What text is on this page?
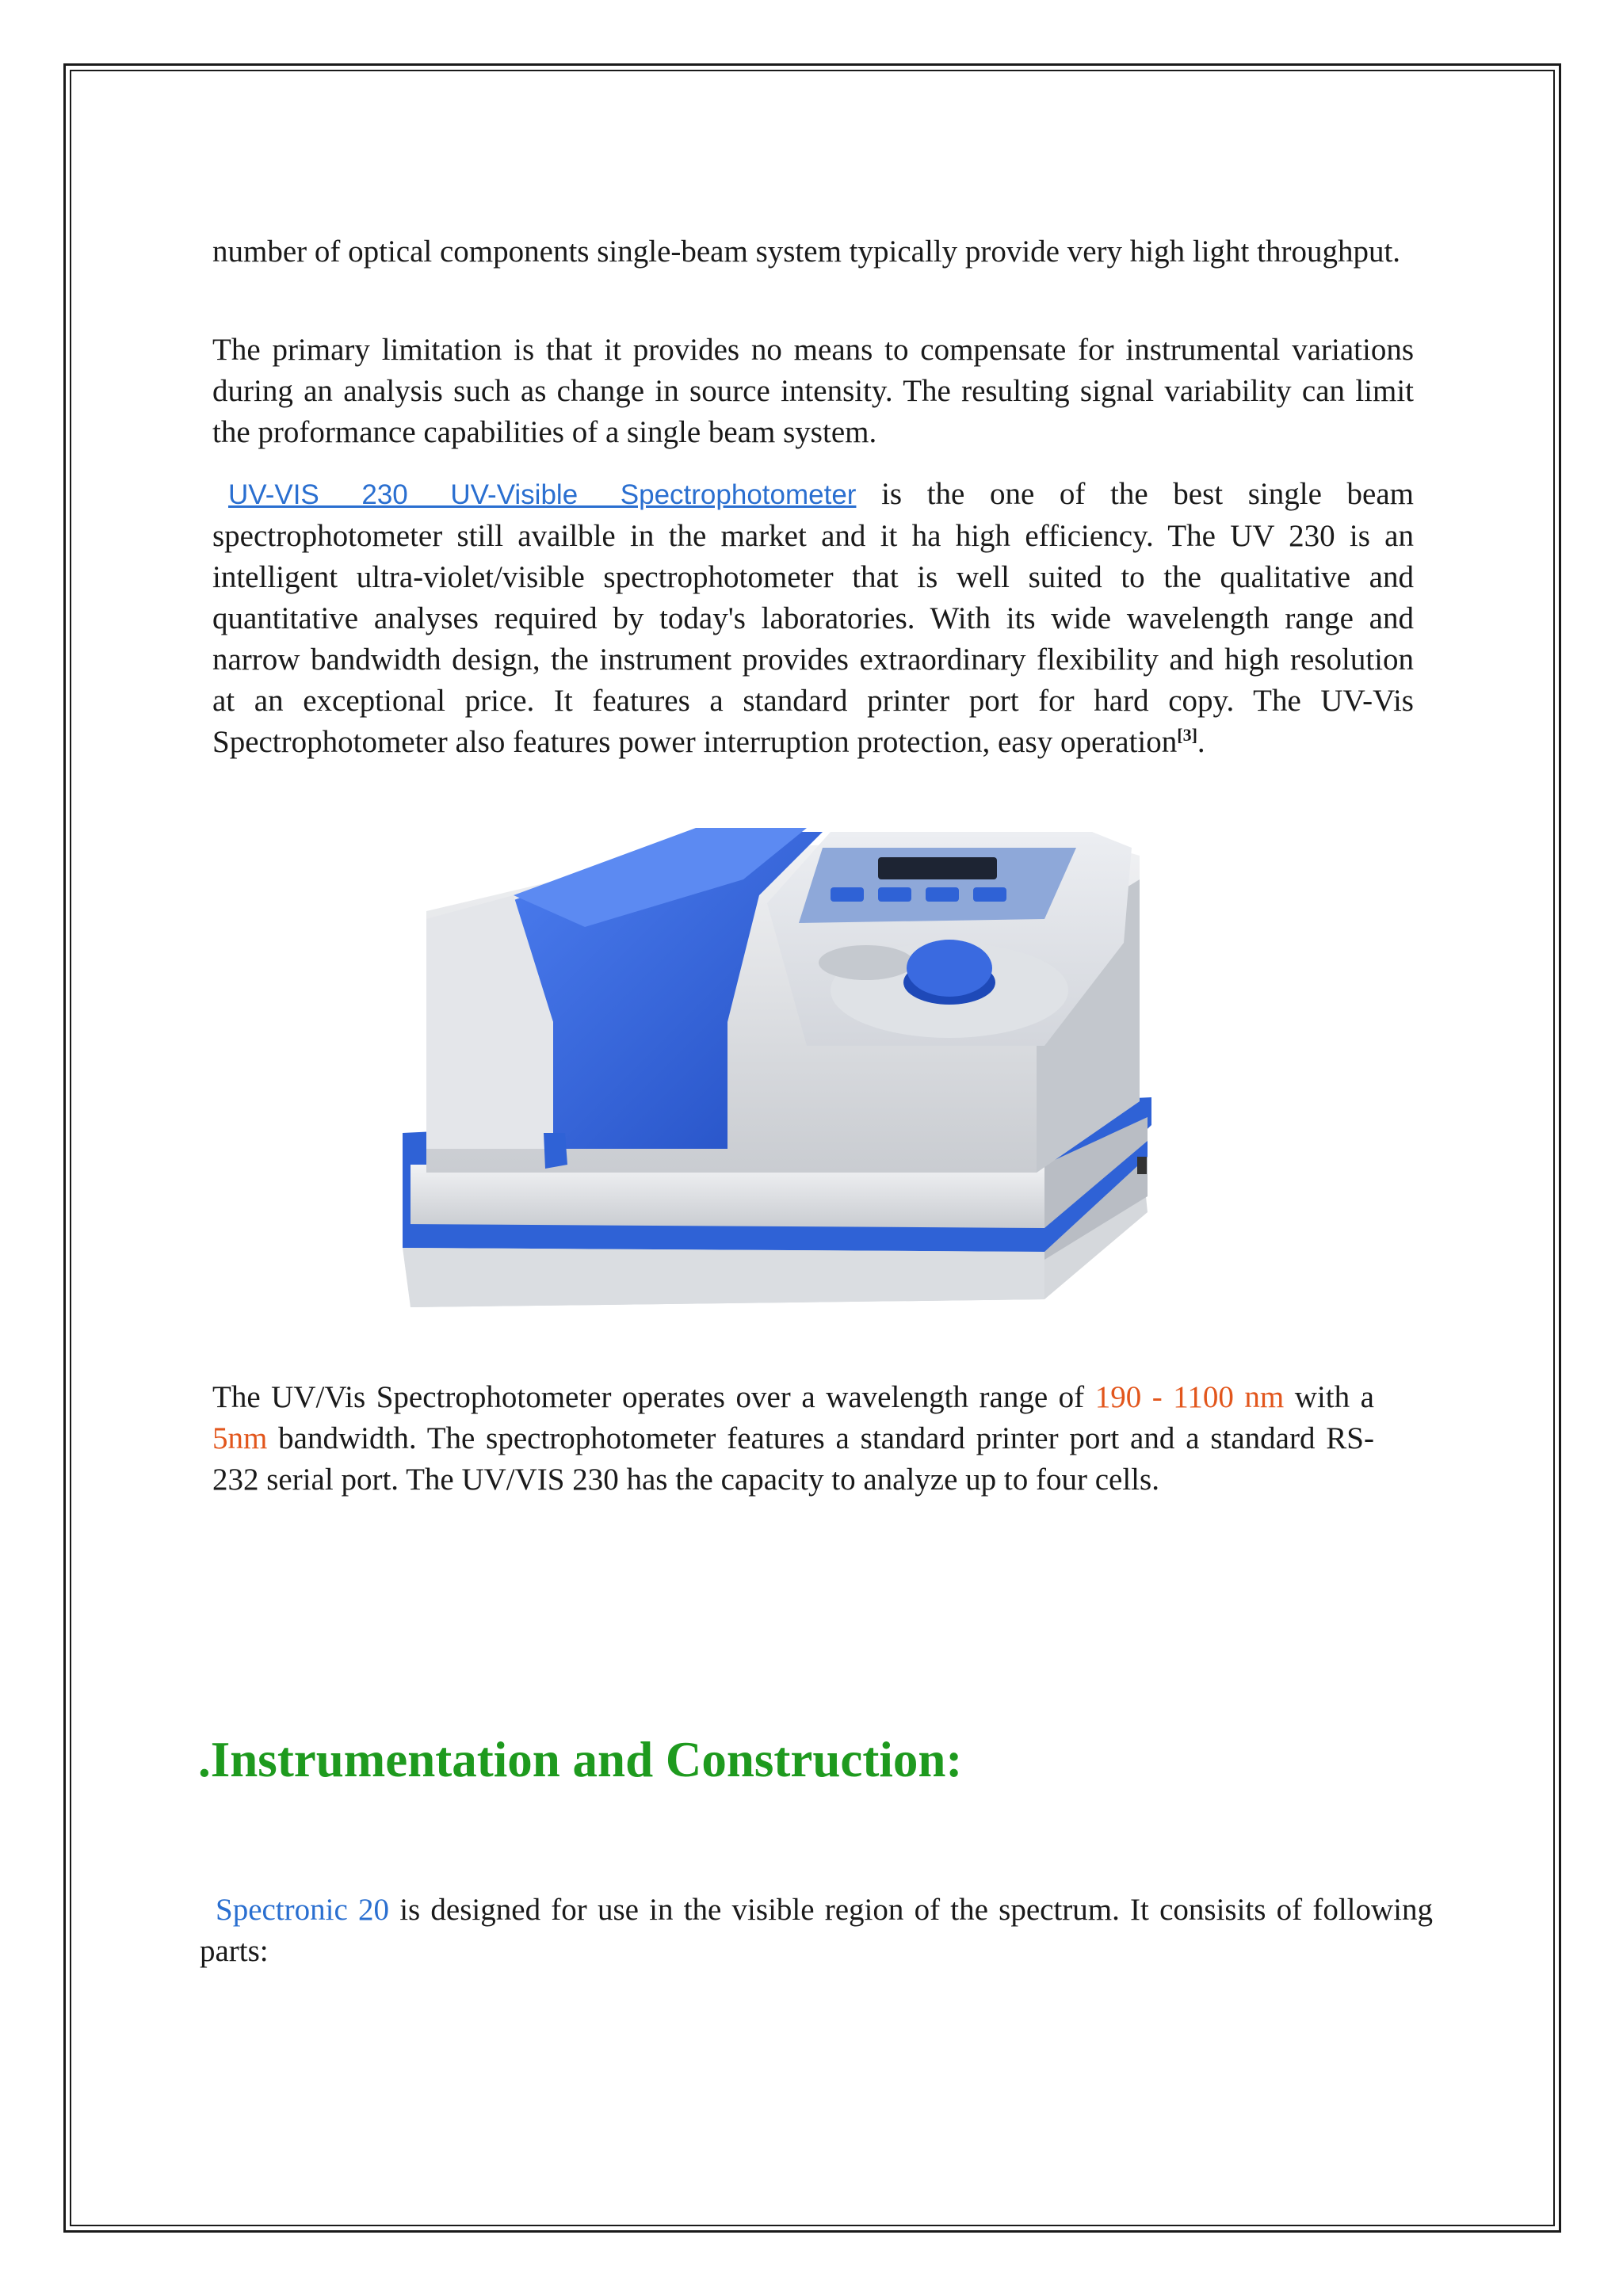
number of optical components single-beam system typically provide very high light throughput.

The primary limitation is that it provides no means to compensate for instrumental variations during an analysis such as change in source intensity. The resulting signal variability can limit the proformance capabilities of a single beam system.

UV-VIS 230 UV-Visible Spectrophotometer is the one of the best single beam spectrophotometer still availble in the market and it ha high efficiency. The UV 230 is an intelligent ultra-violet/visible spectrophotometer that is well suited to the qualitative and quantitative analyses required by today's laboratories. With its wide wavelength range and narrow bandwidth design, the instrument provides extraordinary flexibility and high resolution at an exceptional price. It features a standard printer port for hard copy. The UV-Vis Spectrophotometer also features power interruption protection, easy operation[3].

The UV/Vis Spectrophotometer operates over a wavelength range of 190 - 1100 nm with a 5nm bandwidth. The spectrophotometer features a standard printer port and a standard RS- 232 serial port. The UV/VIS 230 has the capacity to analyze up to four cells.

.Instrumentation and Construction:

Spectronic 20 is designed for use in the visible region of the spectrum. It consisits of following parts:
